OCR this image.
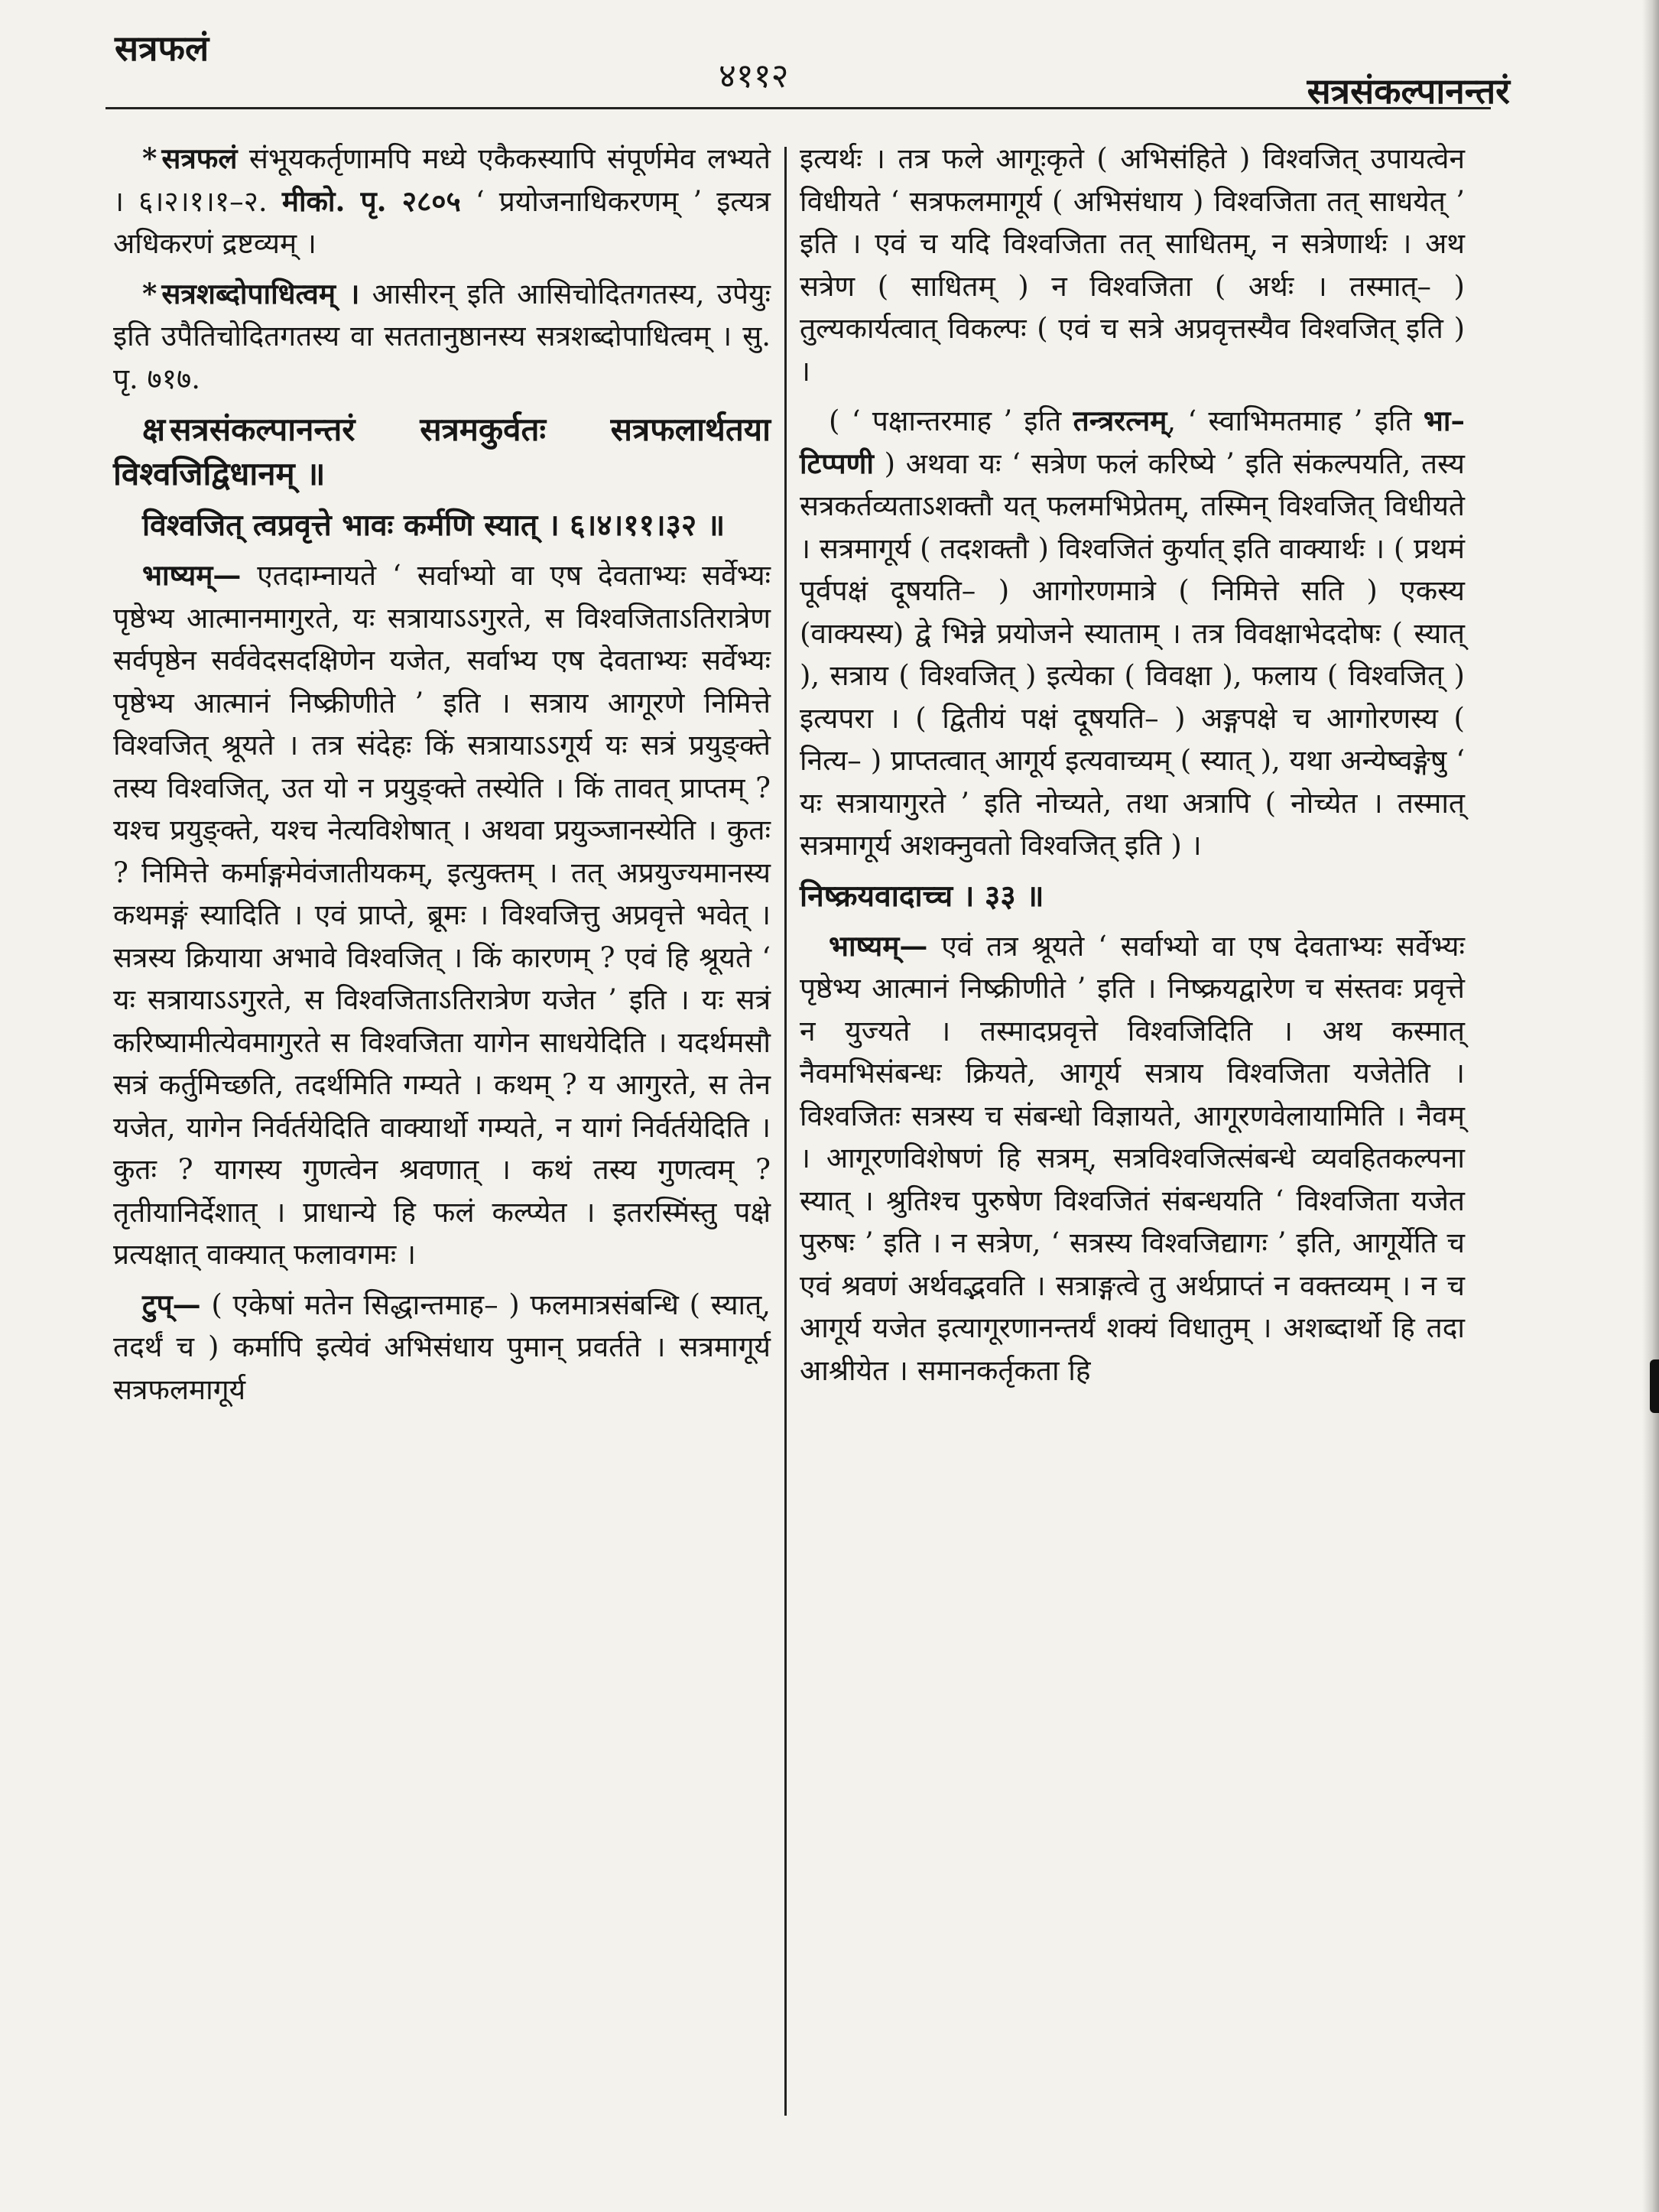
सत्रफलं
४११२	सत्रसंकल्पानन्तरं

* सत्रफलं संभूयकर्तृणामपि मध्ये एकैकस्यापि संपूर्णमेव लभ्यते । ६।२।१।१–२. मीको. पृ. २८०५ ‘ प्रयोजनाधिकरणम् ’ इत्यत्र अधिकरणं द्रष्टव्यम् ।

* सत्रशब्दोपाधित्वम् । आसीरन् इति आसिचोदितगतस्य, उपेयुः इति उपैतिचोदितगतस्य वा सततानुष्ठानस्य सत्रशब्दोपाधित्वम् । सु. पृ. ७१७.

क्ष सत्रसंकल्पानन्तरं सत्रमकुर्वतः सत्रफलार्थतया विश्वजिद्विधानम् ॥

विश्वजित् त्वप्रवृत्ते भावः कर्मणि स्यात् । ६।४।११।३२ ॥

भाष्यम्— एतदाम्नायते ‘ सर्वाभ्यो वा एष देवताभ्यः सर्वेभ्यः पृष्ठेभ्य आत्मानमागुरते, यः सत्रायाऽऽगुरते, स विश्वजिताऽतिरात्रेण सर्वपृष्ठेन सर्ववेदसदक्षिणेन यजेत, सर्वाभ्य एष देवताभ्यः सर्वेभ्यः पृष्ठेभ्य आत्मानं निष्क्रीणीते ’ इति । सत्राय आगूरणे निमित्ते विश्वजित् श्रूयते । तत्र संदेहः किं सत्रायाऽऽगूर्य यः सत्रं प्रयुङ्क्ते तस्य विश्वजित्, उत यो न प्रयुङ्क्ते तस्येति । किं तावत् प्राप्तम् ? यश्च प्रयुङ्क्ते, यश्च नेत्यविशेषात् । अथवा प्रयुञ्जानस्येति । कुतः ? निमित्ते कर्माङ्गमेवंजातीयकम्, इत्युक्तम् । तत् अप्रयुज्यमानस्य कथमङ्गं स्यादिति । एवं प्राप्ते, ब्रूमः । विश्वजित्तु अप्रवृत्ते भवेत् । सत्रस्य क्रियाया अभावे विश्वजित् । किं कारणम् ? एवं हि श्रूयते ‘ यः सत्रायाऽऽगुरते, स विश्वजिताऽतिरात्रेण यजेत ’ इति । यः सत्रं करिष्यामीत्येवमागुरते स विश्वजिता यागेन साधयेदिति । यदर्थमसौ सत्रं कर्तुमिच्छति, तदर्थमिति गम्यते । कथम् ? य आगुरते, स तेन यजेत, यागेन निर्वर्तयेदिति वाक्यार्थो गम्यते, न यागं निर्वर्तयेदिति । कुतः ? यागस्य गुणत्वेन श्रवणात् । कथं तस्य गुणत्वम् ? तृतीयानिर्देशात् । प्राधान्ये हि फलं कल्प्येत । इतरस्मिंस्तु पक्षे प्रत्यक्षात् वाक्यात् फलावगमः ।

टुप्— ( एकेषां मतेन सिद्धान्तमाह– ) फलमात्रसंबन्धि ( स्यात्, तदर्थं च ) कर्मापि इत्येवं अभिसंधाय पुमान् प्रवर्तते । सत्रमागूर्य सत्रफलमागूर्य

इत्यर्थः । तत्र फले आगूःकृते ( अभिसंहिते ) विश्वजित् उपायत्वेन विधीयते ‘ सत्रफलमागूर्य ( अभिसंधाय ) विश्वजिता तत् साधयेत् ’ इति । एवं च यदि विश्वजिता तत् साधितम्, न सत्रेणार्थः । अथ सत्रेण ( साधितम् ) न विश्वजिता ( अर्थः । तस्मात्– ) तुल्यकार्यत्वात् विकल्पः ( एवं च सत्रे अप्रवृत्तस्यैव विश्वजित् इति ) ।

( ‘ पक्षान्तरमाह ’ इति तन्त्ररत्नम्, ‘ स्वाभिमतमाह ’ इति भा–टिप्पणी ) अथवा यः ‘ सत्रेण फलं करिष्ये ’ इति संकल्पयति, तस्य सत्रकर्तव्यताऽशक्तौ यत् फलमभिप्रेतम्, तस्मिन् विश्वजित् विधीयते । सत्रमागूर्य ( तदशक्तौ ) विश्वजितं कुर्यात् इति वाक्यार्थः । ( प्रथमं पूर्वपक्षं दूषयति– ) आगोरणमात्रे ( निमित्ते सति ) एकस्य (वाक्यस्य) द्वे भिन्ने प्रयोजने स्याताम् । तत्र विवक्षाभेददोषः ( स्यात् ), सत्राय ( विश्वजित् ) इत्येका ( विवक्षा ), फलाय ( विश्वजित् ) इत्यपरा । ( द्वितीयं पक्षं दूषयति– ) अङ्गपक्षे च आगोरणस्य ( नित्य– ) प्राप्तत्वात् आगूर्य इत्यवाच्यम् ( स्यात् ), यथा अन्येष्वङ्गेषु ‘ यः सत्रायागुरते ’ इति नोच्यते, तथा अत्रापि ( नोच्येत । तस्मात् सत्रमागूर्य अशक्नुवतो विश्वजित् इति ) ।

निष्क्रयवादाच्च । ३३ ॥

भाष्यम्— एवं तत्र श्रूयते ‘ सर्वाभ्यो वा एष देवताभ्यः सर्वेभ्यः पृष्ठेभ्य आत्मानं निष्क्रीणीते ’ इति । निष्क्रयद्वारेण च संस्तवः प्रवृत्ते न युज्यते । तस्मादप्रवृत्ते विश्वजिदिति । अथ कस्मात् नैवमभिसंबन्धः क्रियते, आगूर्य सत्राय विश्वजिता यजेतेति । विश्वजितः सत्रस्य च संबन्धो विज्ञायते, आगूरणवेलायामिति । नैवम् । आगूरणविशेषणं हि सत्रम्, सत्रविश्वजित्संबन्धे व्यवहितकल्पना स्यात् । श्रुतिश्च पुरुषेण विश्वजितं संबन्धयति ‘ विश्वजिता यजेत पुरुषः ’ इति । न सत्रेण, ‘ सत्रस्य विश्वजिद्यागः ’ इति, आगूर्येति च एवं श्रवणं अर्थवद्भवति । सत्राङ्गत्वे तु अर्थप्राप्तं न वक्तव्यम् । न च आगूर्य यजेत इत्यागूरणानन्तर्यं शक्यं विधातुम् । अशब्दार्थो हि तदा आश्रीयेत । समानकर्तृकता हि
